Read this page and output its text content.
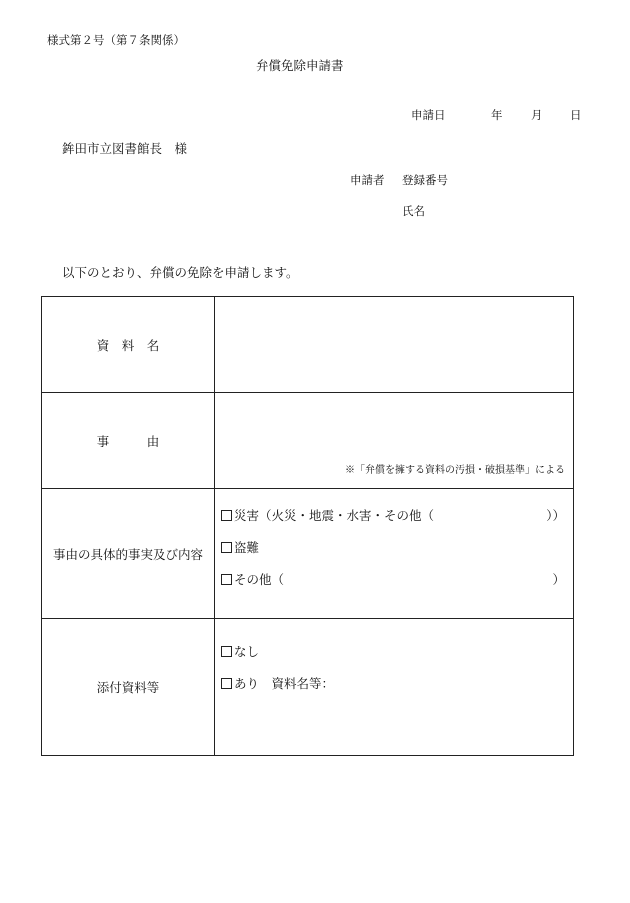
様式第２号（第７条関係）
弁償免除申請書
申請日	年 月 日
鉾田市立図書館長　様
申請者 登録番号
氏名
以下のとおり、弁償の免除を申請します。
資　料　名	
事　　　由	※「弁償を擁する資料の汚損・破損基準」による

事由の具体的事実及び内容	災害（火災・地震・水害・その他（ ））
盗難
その他（ ）

添付資料等	なし
あり　資料名等：
